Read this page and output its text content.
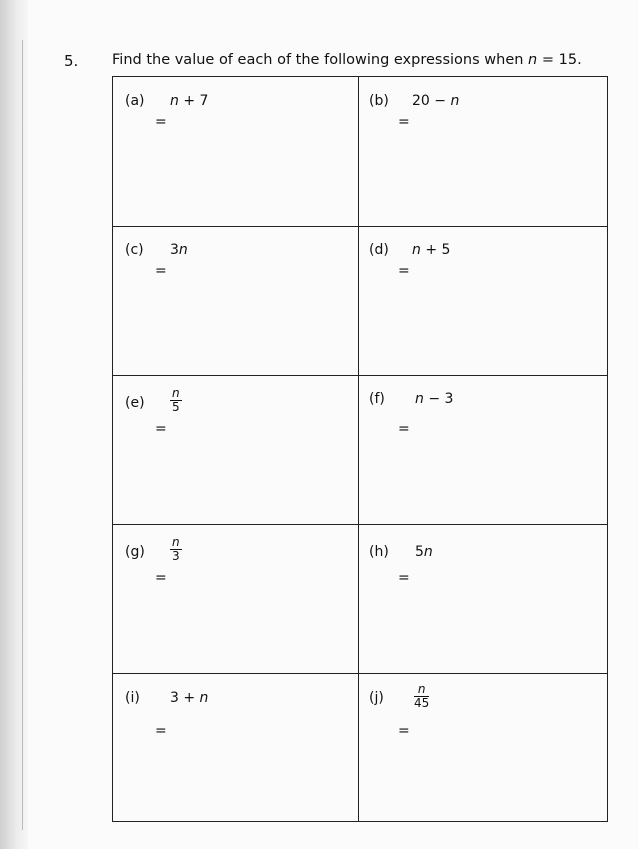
5. Find the value of each of the following expressions when n = 15.
(a) n + 7
=
(b) 20 − n
=
(c) 3n
=
(d) n + 5
=
(e)
n
5
=
(f) n − 3
=
(g)
n
3
=
(h) 5n
=
(i) 3 + n
=
(j)
n
45
=
